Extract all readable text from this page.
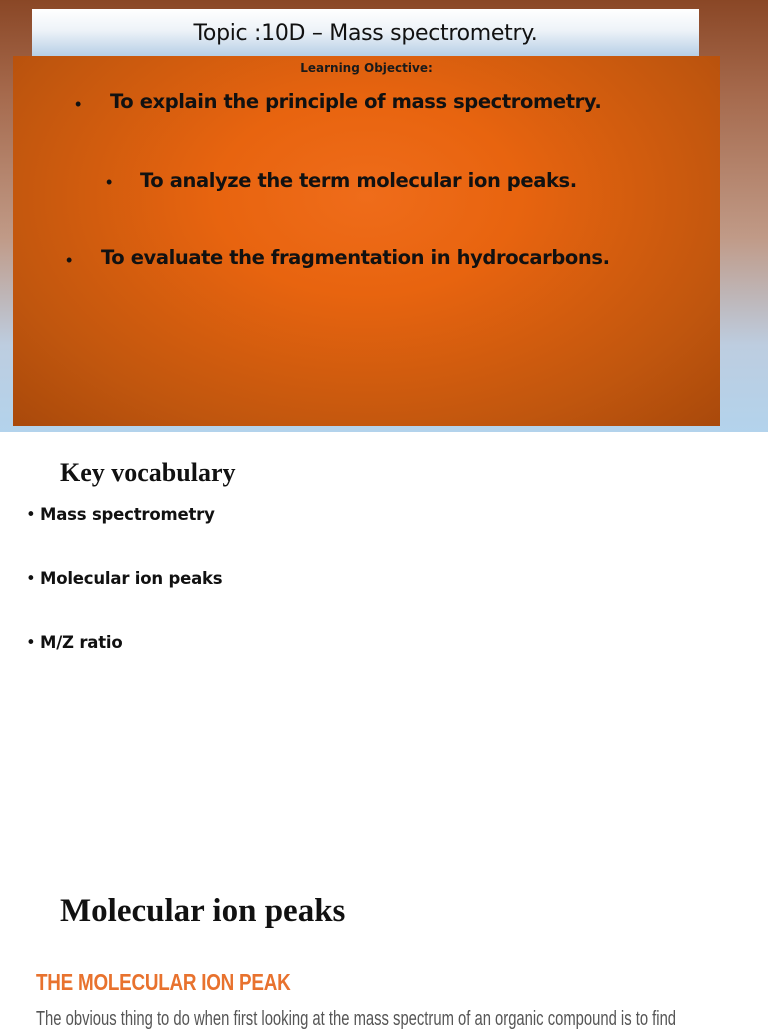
Topic :10D – Mass spectrometry.
Learning Objective:
• To explain the principle of mass spectrometry.
• To analyze the term molecular ion peaks.
• To evaluate the fragmentation in hydrocarbons.
Key vocabulary
• Mass spectrometry
• Molecular ion peaks
• M/Z ratio
Molecular ion peaks
THE MOLECULAR ION PEAK
The obvious thing to do when first looking at the mass spectrum of an organic compound is to find
